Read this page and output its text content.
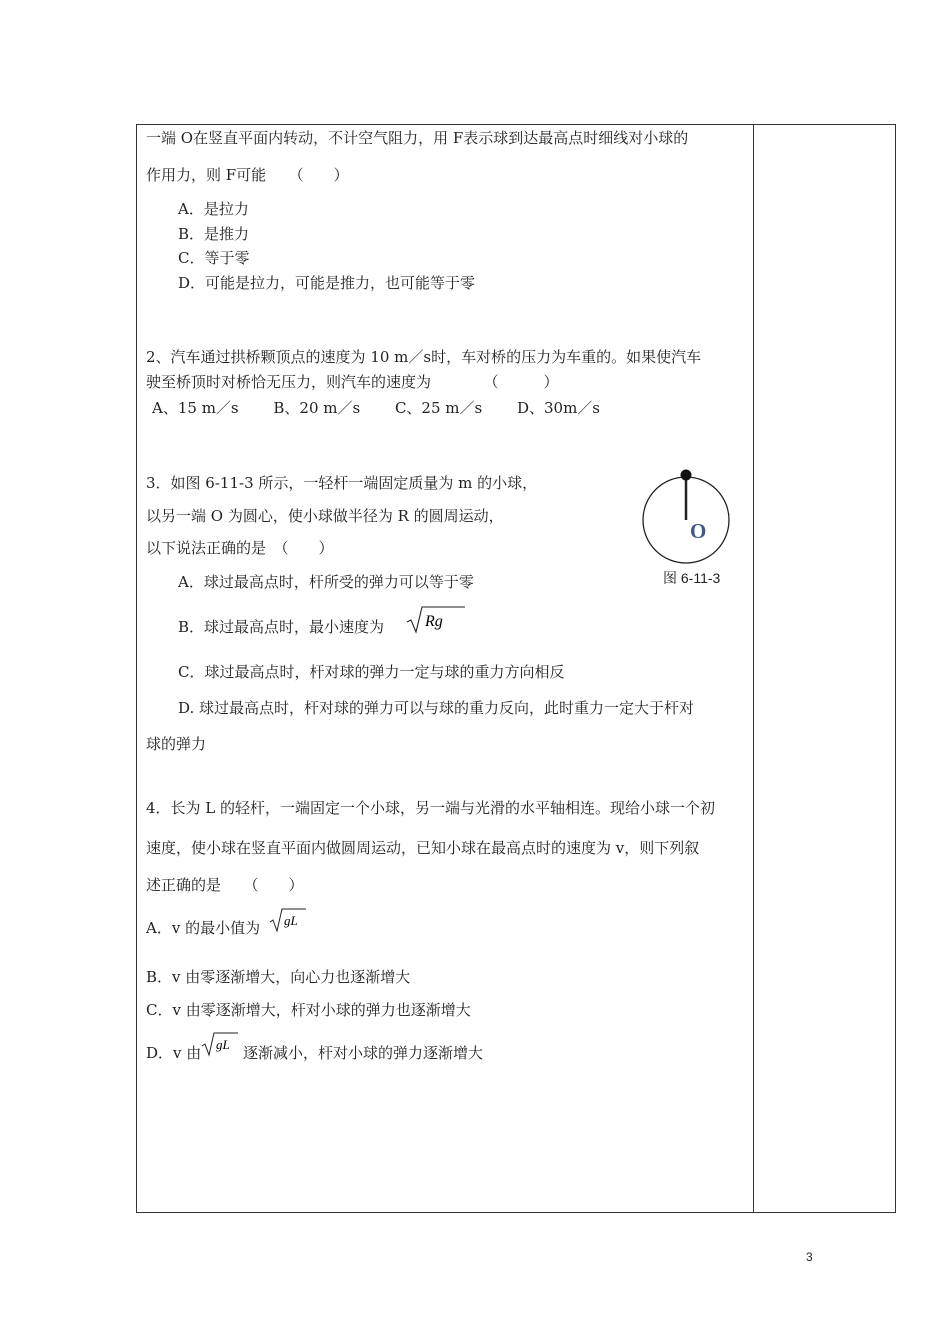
一端 O在竖直平面内转动，不计空气阻力，用 F表示球到达最高点时细线对小球的
作用力，则 F可能　　（　　）
A．是拉力
B．是推力
C．等于零
D．可能是拉力，可能是推力，也可能等于零
2、汽车通过拱桥颗顶点的速度为 10 m／s时，车对桥的压力为车重的。如果使汽车
驶至桥顶时对桥恰无压力，则汽车的速度为　　　　（　　　）
A、15 m／s　　 B、20 m／s　　 C、25 m／s　　 D、30m／s
3．如图 6-11-3 所示，一轻杆一端固定质量为 m 的小球，
以另一端 O 为圆心，使小球做半径为 R 的圆周运动，
以下说法正确的是　（　　）
A．球过最高点时，杆所受的弹力可以等于零
B．球过最高点时，最小速度为	Rg
C．球过最高点时，杆对球的弹力一定与球的重力方向相反
D. 球过最高点时，杆对球的弹力可以与球的重力反向，此时重力一定大于杆对
球的弹力
O
图 6-11-3
4．长为 L 的轻杆，一端固定一个小球，另一端与光滑的水平轴相连。现给小球一个初
速度，使小球在竖直平面内做圆周运动，已知小球在最高点时的速度为 v，则下列叙
述正确的是　　（　　）
A．v 的最小值为 gL
B．v 由零逐渐增大，向心力也逐渐增大
C．v 由零逐渐增大，杆对小球的弹力也逐渐增大
D．v 由 gL 逐渐减小，杆对小球的弹力逐渐增大
3
